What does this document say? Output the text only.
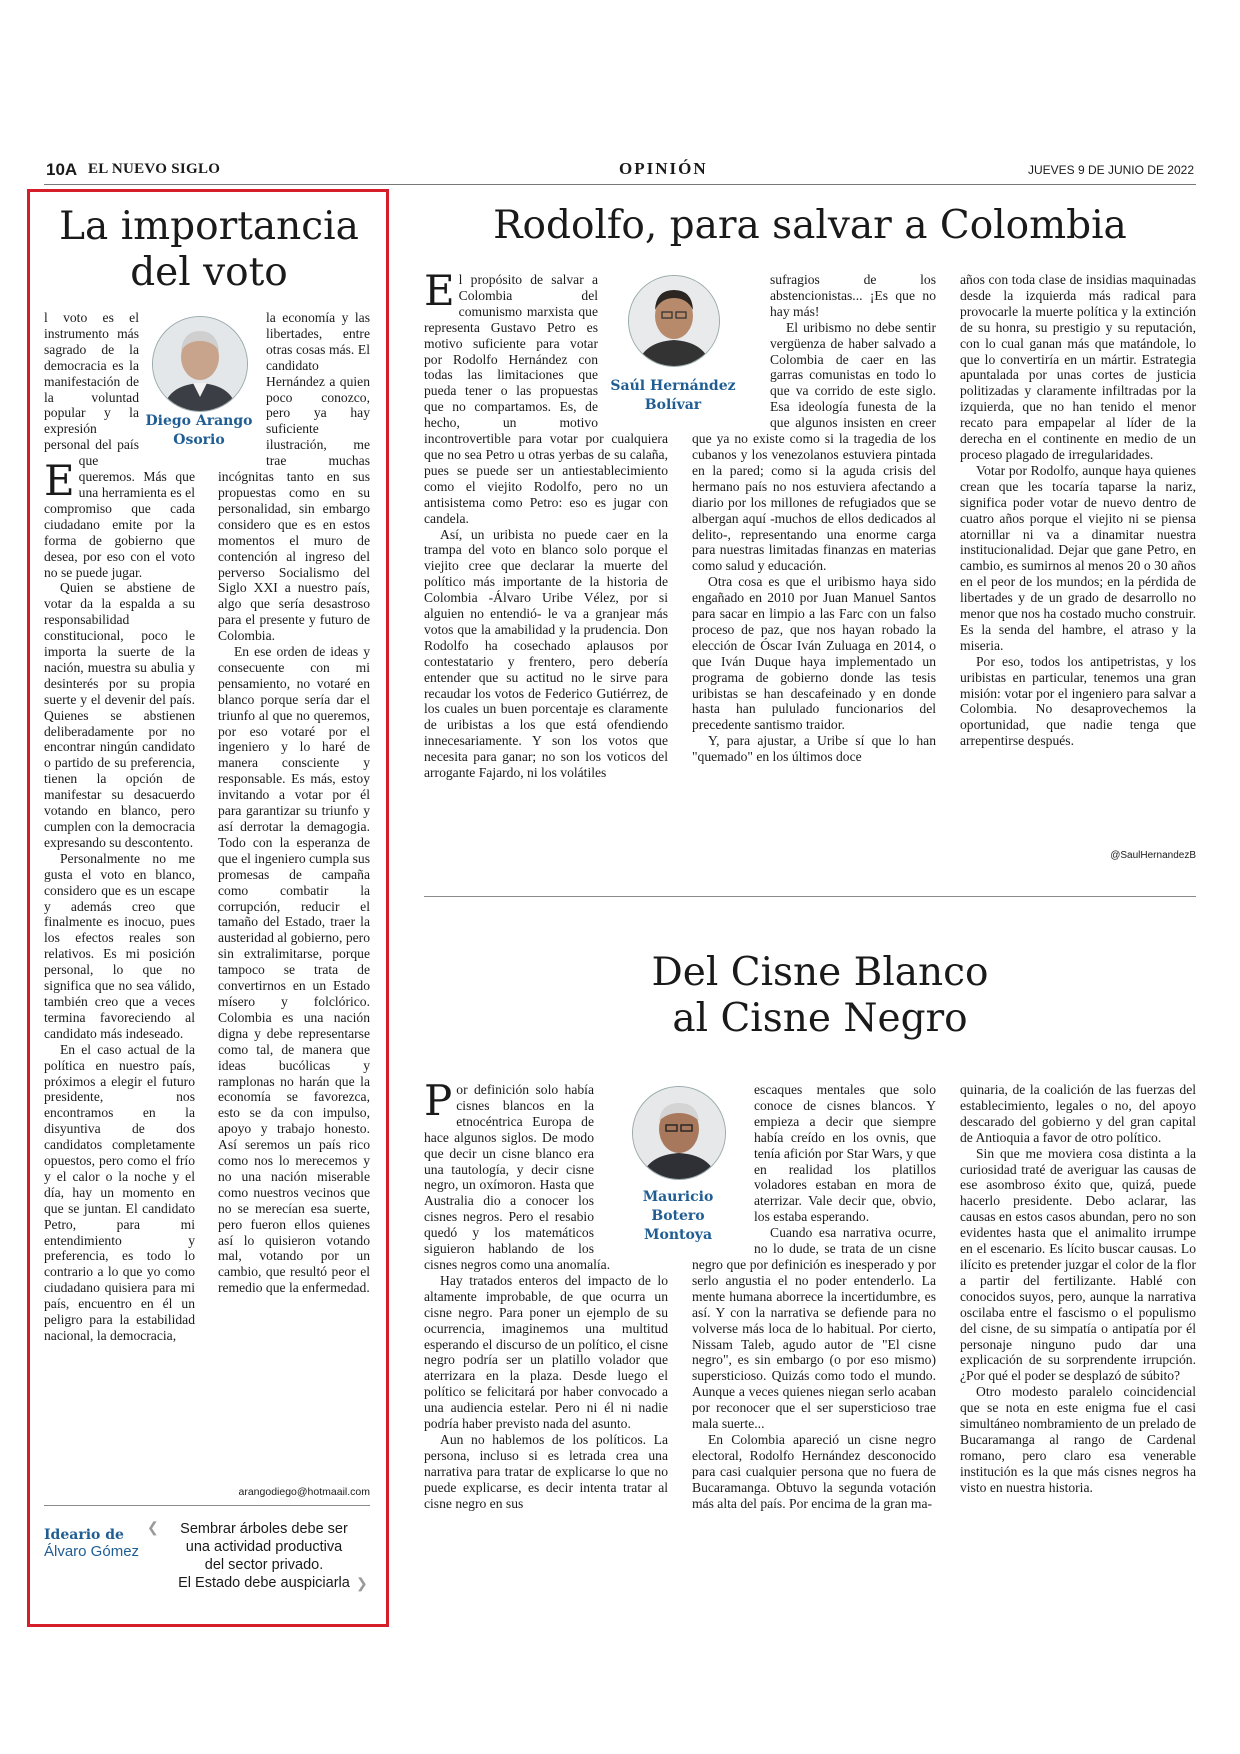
10A EL NUEVO SIGLO	OPINIÓN	JUEVES 9 DE JUNIO DE 2022
La importancia
del voto
Diego Arango
Osorio

E
l voto es el instrumento más sagrado de la democracia es la manifestación de la voluntad popular y la expresión personal del país que queremos. Más que una herramienta es el compromiso que cada ciudadano emite por la forma de gobierno que desea, por eso con el voto no se puede jugar.

Quien se abstiene de votar da la espalda a su responsabilidad constitucional, poco le importa la suerte de la nación, muestra su abulia y desinterés por su propia suerte y el devenir del país. Quienes se abstienen deliberadamente por no encontrar ningún candidato o partido de su preferencia, tienen la opción de manifestar su desacuerdo votando en blanco, pero cumplen con la democracia expresando su descontento.

Personalmente no me gusta el voto en blanco, considero que es un escape y además creo que finalmente es inocuo, pues los efectos reales son relativos. Es mi posición personal, lo que no significa que no sea válido, también creo que a veces termina favoreciendo al candidato más indeseado.

En el caso actual de la política en nuestro país, próximos a elegir el futuro presidente, nos encontramos en la disyuntiva de dos candidatos completamente opuestos, pero como el frío y el calor o la noche y el día, hay un momento en que se juntan. El candidato Petro, para mi entendimiento y preferencia, es todo lo contrario a lo que yo como ciudadano quisiera para mi país, encuentro en él un peligro para la estabilidad nacional, la democracia,

la economía y las libertades, entre otras cosas más. El candidato Hernández a quien poco conozco, pero ya hay suficiente ilustración, me trae muchas incógnitas tanto en sus propuestas como en su personalidad, sin embargo considero que es en estos momentos el muro de contención al ingreso del perverso Socialismo del Siglo XXI a nuestro país, algo que sería desastroso para el presente y futuro de Colombia.

En ese orden de ideas y consecuente con mi pensamiento, no votaré en blanco porque sería dar el triunfo al que no queremos, por eso votaré por el ingeniero y lo haré de manera consciente y responsable. Es más, estoy invitando a votar por él para garantizar su triunfo y así derrotar la demagogia. Todo con la esperanza de que el ingeniero cumpla sus promesas de campaña como combatir la corrupción, reducir el tamaño del Estado, traer la austeridad al gobierno, pero sin extralimitarse, porque tampoco se trata de convertirnos en un Estado mísero y folclórico. Colombia es una nación digna y debe representarse como tal, de manera que ideas bucólicas y ramplonas no harán que la economía se favorezca, esto se da con impulso, apoyo y trabajo honesto. Así seremos un país rico como nos lo merecemos y no una nación miserable como nuestros vecinos que no se merecían esa suerte, pero fueron ellos quienes así lo quisieron votando mal, votando por un cambio, que resultó peor el remedio que la enfermedad.

arangodiego@hotmaail.com
Ideario de
Álvaro Gómez
❮	Sembrar árboles debe ser
una actividad productiva
del sector privado.
El Estado debe auspiciarla ❯
Rodolfo, para salvar a Colombia
Saúl Hernández
Bolívar

El propósito de salvar a Colombia del comunismo marxista que representa Gustavo Petro es motivo suficiente para votar por Rodolfo Hernández con todas las limitaciones que pueda tener o las propuestas que no compartamos. Es, de hecho, un motivo incontrovertible para votar por cualquiera que no sea Petro u otras yerbas de su calaña, pues se puede ser un antiestablecimiento como el viejito Rodolfo, pero no un antisistema como Petro: eso es jugar con candela.

Así, un uribista no puede caer en la trampa del voto en blanco solo porque el viejito cree que declarar la muerte del político más importante de la historia de Colombia -Álvaro Uribe Vélez, por si alguien no entendió- le va a granjear más votos que la amabilidad y la prudencia. Don Rodolfo ha cosechado aplausos por contestatario y frentero, pero debería entender que su actitud no le sirve para recaudar los votos de Federico Gutiérrez, de los cuales un buen porcentaje es claramente de uribistas a los que está ofendiendo innecesariamente. Y son los votos que necesita para ganar; no son los voticos del arrogante Fajardo, ni los volátiles

sufragios de los abstencionistas... ¡Es que no hay más!

El uribismo no debe sentir vergüenza de haber salvado a Colombia de caer en las garras comunistas en todo lo que va corrido de este siglo. Esa ideología funesta de la que algunos insisten en creer que ya no existe como si la tragedia de los cubanos y los venezolanos estuviera pintada en la pared; como si la aguda crisis del hermano país no nos estuviera afectando a diario por los millones de refugiados que se albergan aquí -muchos de ellos dedicados al delito-, representando una enorme carga para nuestras limitadas finanzas en materias como salud y educación.

Otra cosa es que el uribismo haya sido engañado en 2010 por Juan Manuel Santos para sacar en limpio a las Farc con un falso proceso de paz, que nos hayan robado la elección de Óscar Iván Zuluaga en 2014, o que Iván Duque haya implementado un programa de gobierno donde las tesis uribistas se han descafeinado y en donde hasta han pululado funcionarios del precedente santismo traidor.

Y, para ajustar, a Uribe sí que lo han "quemado" en los últimos doce

años con toda clase de insidias maquinadas desde la izquierda más radical para provocarle la muerte política y la extinción de su honra, su prestigio y su reputación, con lo cual ganan más que matándole, lo que lo convertiría en un mártir. Estrategia apuntalada por unas cortes de justicia politizadas y claramente infiltradas por la izquierda, que no han tenido el menor recato para empapelar al líder de la derecha en el continente en medio de un proceso plagado de irregularidades.

Votar por Rodolfo, aunque haya quienes crean que les tocaría taparse la nariz, significa poder votar de nuevo dentro de cuatro años porque el viejito ni se piensa atornillar ni va a dinamitar nuestra institucionalidad. Dejar que gane Petro, en cambio, es sumirnos al menos 20 o 30 años en el peor de los mundos; en la pérdida de libertades y de un grado de desarrollo no menor que nos ha costado mucho construir. Es la senda del hambre, el atraso y la miseria.

Por eso, todos los antipetristas, y los uribistas en particular, tenemos una gran misión: votar por el ingeniero para salvar a Colombia. No desaprovechemos la oportunidad, que nadie tenga que arrepentirse después.

@SaulHernandezB
Del Cisne Blanco
al Cisne Negro
Mauricio
Botero
Montoya

Por definición solo había cisnes blancos en la etnocéntrica Europa de hace algunos siglos. De modo que decir un cisne blanco era una tautología, y decir cisne negro, un oxímoron. Hasta que Australia dio a conocer los cisnes negros. Pero el resabio quedó y los matemáticos siguieron hablando de los cisnes negros como una anomalía.

Hay tratados enteros del impacto de lo altamente improbable, de que ocurra un cisne negro. Para poner un ejemplo de su ocurrencia, imaginemos una multitud esperando el discurso de un político, el cisne negro podría ser un platillo volador que aterrizara en la plaza. Desde luego el político se felicitará por haber convocado a una audiencia estelar. Pero ni él ni nadie podría haber previsto nada del asunto.

Aun no hablemos de los políticos. La persona, incluso si es letrada crea una narrativa para tratar de explicarse lo que no puede explicarse, es decir intenta tratar al cisne negro en sus

escaques mentales que solo conoce de cisnes blancos. Y empieza a decir que siempre había creído en los ovnis, que tenía afición por Star Wars, y que en realidad los platillos voladores estaban en mora de aterrizar. Vale decir que, obvio, los estaba esperando.

Cuando esa narrativa ocurre, no lo dude, se trata de un cisne negro que por definición es inesperado y por serlo angustia el no poder entenderlo. La mente humana aborrece la incertidumbre, es así. Y con la narrativa se defiende para no volverse más loca de lo habitual. Por cierto, Nissam Taleb, agudo autor de "El cisne negro", es sin embargo (o por eso mismo) supersticioso. Quizás como todo el mundo. Aunque a veces quienes niegan serlo acaban por reconocer que el ser supersticioso trae mala suerte...

En Colombia apareció un cisne negro electoral, Rodolfo Hernández desconocido para casi cualquier persona que no fuera de Bucaramanga. Obtuvo la segunda votación más alta del país. Por encima de la gran ma-

quinaria, de la coalición de las fuerzas del establecimiento, legales o no, del apoyo descarado del gobierno y del gran capital de Antioquia a favor de otro político.

Sin que me moviera cosa distinta a la curiosidad traté de averiguar las causas de ese asombroso éxito que, quizá, puede hacerlo presidente. Debo aclarar, las causas en estos casos abundan, pero no son evidentes hasta que el animalito irrumpe en el escenario. Es lícito buscar causas. Lo ilícito es pretender juzgar el color de la flor a partir del fertilizante. Hablé con conocidos suyos, pero, aunque la narrativa oscilaba entre el fascismo o el populismo del cisne, de su simpatía o antipatía por él personaje ninguno pudo dar una explicación de su sorprendente irrupción. ¿Por qué el poder se desplazó de súbito?

Otro modesto paralelo coincidencial que se nota en este enigma fue el casi simultáneo nombramiento de un prelado de Bucaramanga al rango de Cardenal romano, pero claro esa venerable institución es la que más cisnes negros ha visto en nuestra historia.
